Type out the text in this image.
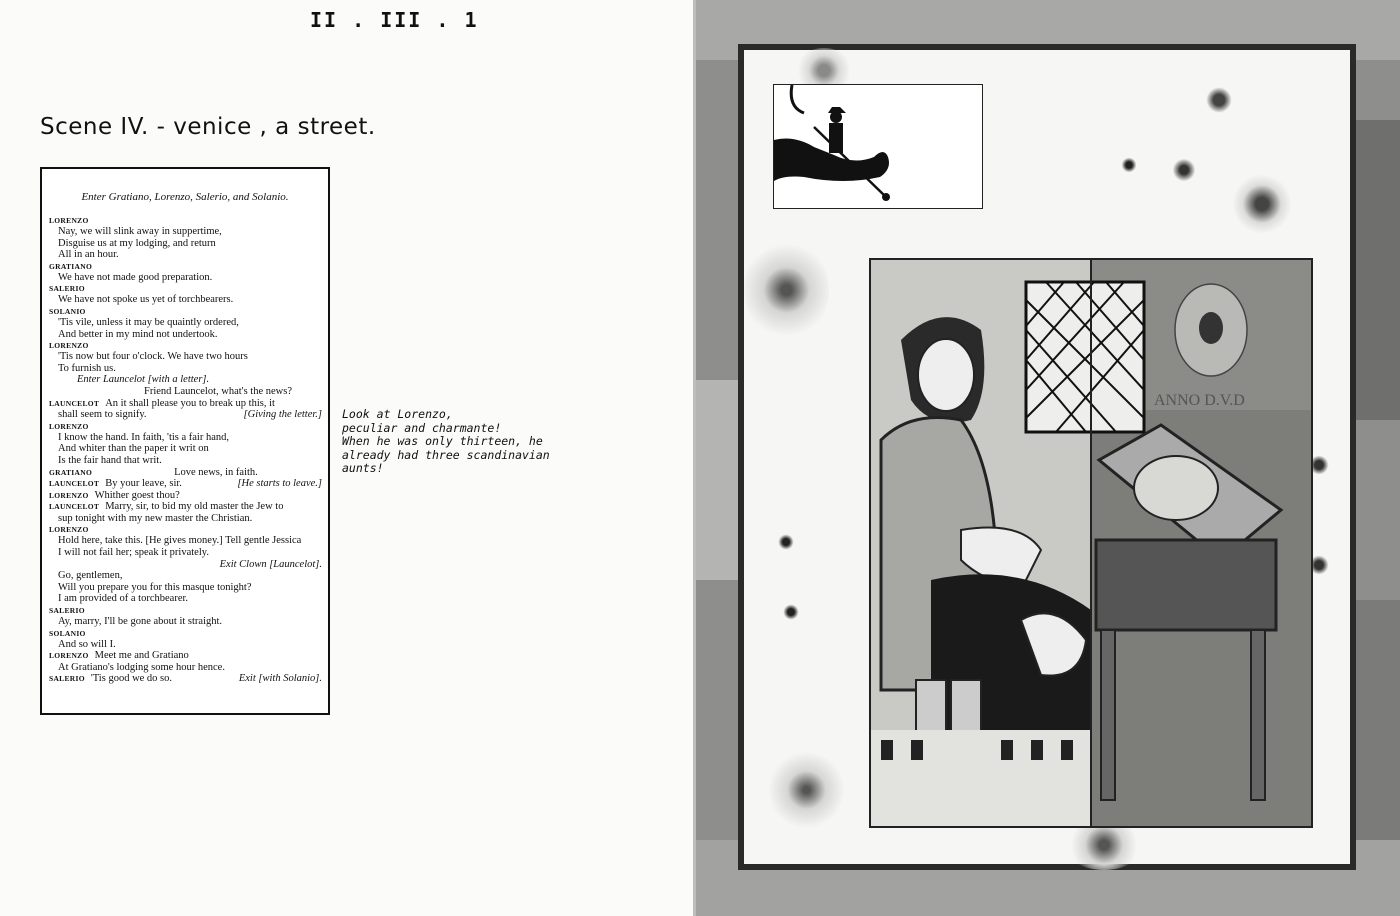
II . III . 1
Scene IV. - venice , a street.
Enter Gratiano, Lorenzo, Salerio, and Solanio.
LORENZO
Nay, we will slink away in suppertime,
Disguise us at my lodging, and return
All in an hour.
GRATIANO
We have not made good preparation.
SALERIO
We have not spoke us yet of torchbearers.
SOLANIO
'Tis vile, unless it may be quaintly ordered,
And better in my mind not undertook.
LORENZO
'Tis now but four o'clock. We have two hours
To furnish us.
Enter Launcelot [with a letter].
Friend Launcelot, what's the news?
LAUNCELOT An it shall please you to break up this, it
shall seem to signify.	[Giving the letter.]
LORENZO
I know the hand. In faith, 'tis a fair hand,
And whiter than the paper it writ on
Is the fair hand that writ.
GRATIANO	Love news, in faith.
LAUNCELOT By your leave, sir.	[He starts to leave.]
LORENZO Whither goest thou?
LAUNCELOT Marry, sir, to bid my old master the Jew to
sup tonight with my new master the Christian.
LORENZO
Hold here, take this. [He gives money.] Tell gentle Jessica
I will not fail her; speak it privately.
Exit Clown [Launcelot].
Go, gentlemen,
Will you prepare you for this masque tonight?
I am provided of a torchbearer.
SALERIO
Ay, marry, I'll be gone about it straight.
SOLANIO
And so will I.
LORENZO Meet me and Gratiano
At Gratiano's lodging some hour hence.
SALERIO 'Tis good we do so.	Exit [with Solanio].
Look at Lorenzo,
peculiar and charmante!
When he was only thirteen, he
already had three scandinavian
aunts!
ANNO D.V.D
